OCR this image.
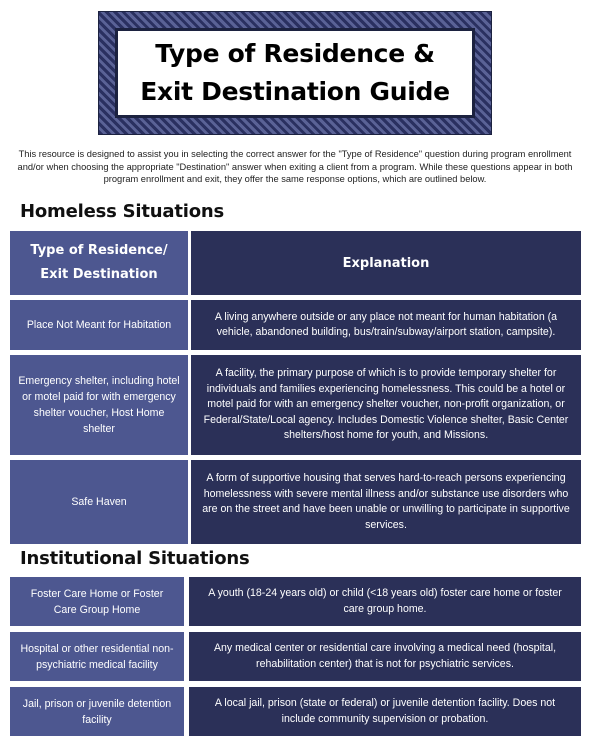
Type of Residence &
Exit Destination Guide
This resource is designed to assist you in selecting the correct answer for the "Type of Residence" question during program enrollment and/or when choosing the appropriate "Destination" answer when exiting a client from a program. While these questions appear in both program enrollment and exit, they offer the same response options, which are outlined below.
Homeless Situations
Type of Residence/
Exit Destination
Explanation
Place Not Meant for Habitation
A living anywhere outside or any place not meant for human habitation (a vehicle, abandoned building, bus/train/subway/airport station, campsite).
Emergency shelter, including hotel or motel paid for with emergency shelter voucher, Host Home shelter
A facility, the primary purpose of which is to provide temporary shelter for individuals and families experiencing homelessness. This could be a hotel or motel paid for with an emergency shelter voucher, non-profit organization, or Federal/State/Local agency. Includes Domestic Violence shelter, Basic Center shelters/host home for youth, and Missions.
Safe Haven
A form of supportive housing that serves hard-to-reach persons experiencing homelessness with severe mental illness and/or substance use disorders who are on the street and have been unable or unwilling to participate in supportive services.
Institutional Situations
Foster Care Home or Foster Care Group Home
A youth (18-24 years old) or child (<18 years old) foster care home or foster care group home.
Hospital or other residential non-psychiatric medical facility
Any medical center or residential care involving a medical need (hospital, rehabilitation center) that is not for psychiatric services.
Jail, prison or juvenile detention facility
A local jail, prison (state or federal) or juvenile detention facility. Does not include community supervision or probation.
